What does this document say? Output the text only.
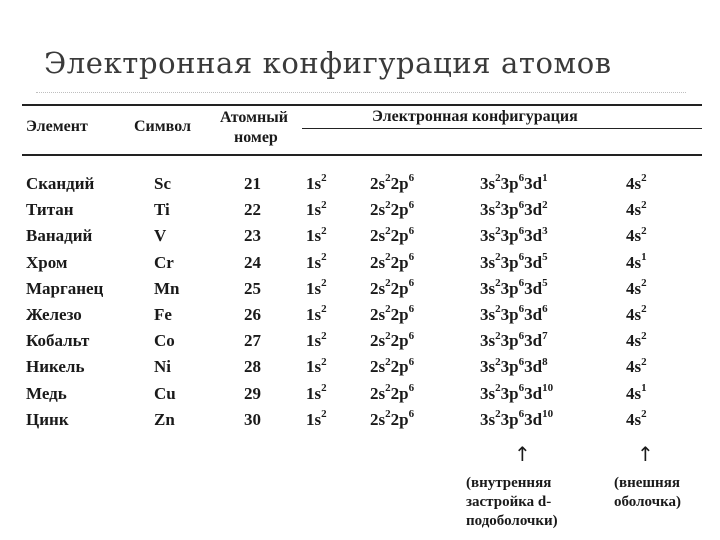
Электронная конфигурация атомов
Элемент	Символ
Атомный
номер
Электронная конфигурация
Скандий	Sc	21	$1s^2$	$2s^22p^6$	$3s^23p^63d^1$	$4s^2$
Титан	Ti	22	$1s^2$	$2s^22p^6$	$3s^23p^63d^2$	$4s^2$
Ванадий	V	23	$1s^2$	$2s^22p^6$	$3s^23p^63d^3$	$4s^2$
Хром	Cr	24	$1s^2$	$2s^22p^6$	$3s^23p^63d^5$	$4s^1$
Марганец	Mn	25	$1s^2$	$2s^22p^6$	$3s^23p^63d^5$	$4s^2$
Железо	Fe	26	$1s^2$	$2s^22p^6$	$3s^23p^63d^6$	$4s^2$
Кобальт	Co	27	$1s^2$	$2s^22p^6$	$3s^23p^63d^7$	$4s^2$
Никель	Ni	28	$1s^2$	$2s^22p^6$	$3s^23p^63d^8$	$4s^2$
Медь	Cu	29	$1s^2$	$2s^22p^6$	$3s^23p^63d^{10}$	$4s^1$
Цинк	Zn	30	$1s^2$	$2s^22p^6$	$3s^23p^63d^{10}$	$4s^2$
↑	↑
(внутренняя
застройка d-
подоболочки)
(внешняя
оболочка)
